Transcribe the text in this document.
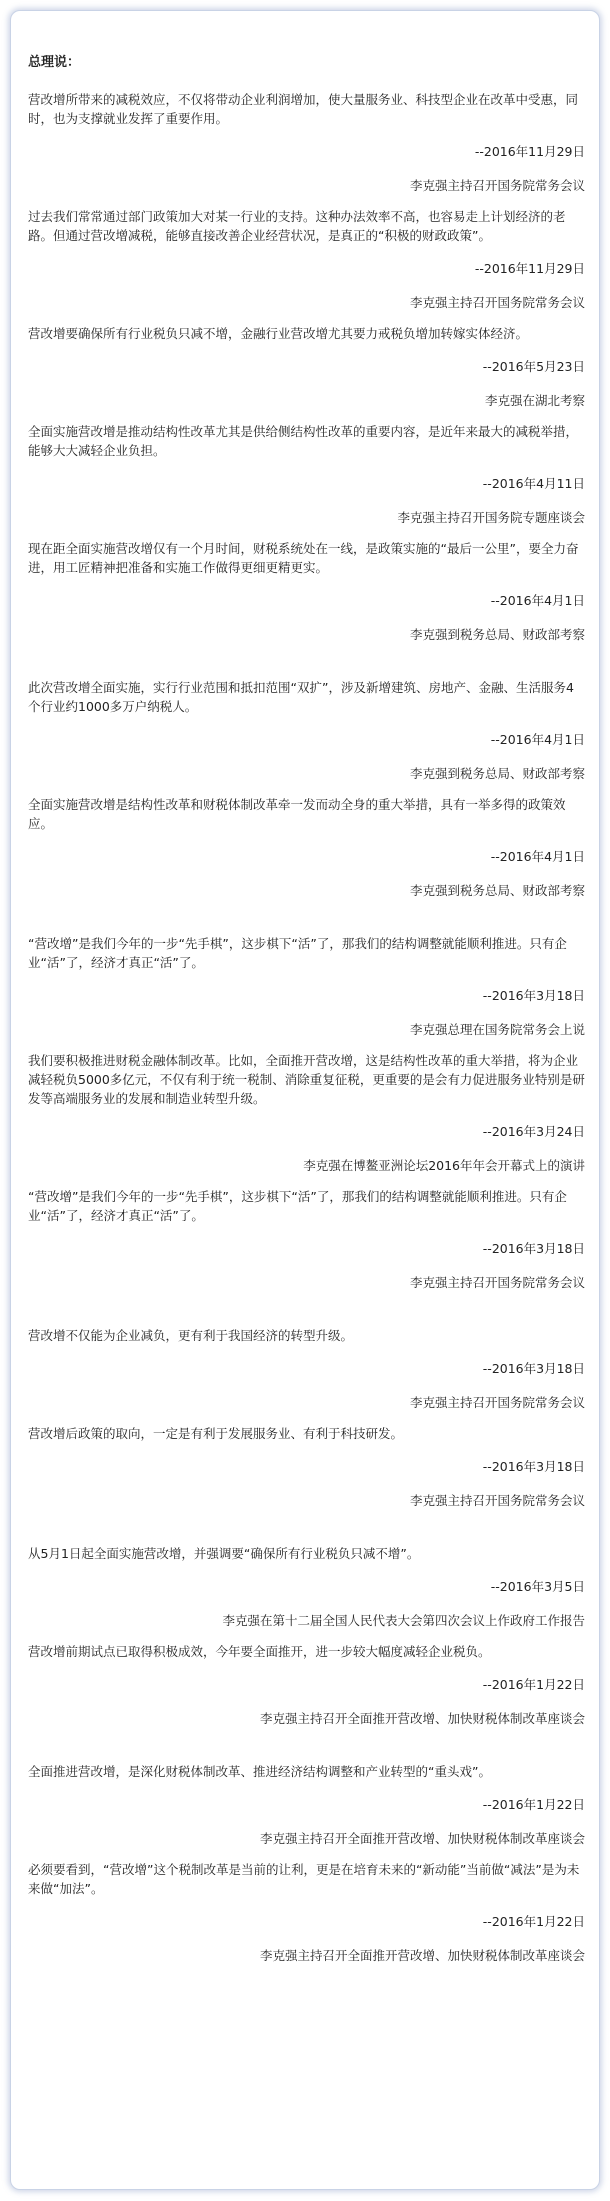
总理说：

营改增所带来的减税效应，不仅将带动企业利润增加，使大量服务业、科技型企业在改革中受惠，同时，也为支撑就业发挥了重要作用。

--2016年11月29日
李克强主持召开国务院常务会议

过去我们常常通过部门政策加大对某一行业的支持。这种办法效率不高，也容易走上计划经济的老路。但通过营改增减税，能够直接改善企业经营状况，是真正的“积极的财政政策”。

--2016年11月29日
李克强主持召开国务院常务会议

营改增要确保所有行业税负只减不增，金融行业营改增尤其要力戒税负增加转嫁实体经济。

--2016年5月23日
李克强在湖北考察

全面实施营改增是推动结构性改革尤其是供给侧结构性改革的重要内容，是近年来最大的减税举措，能够大大减轻企业负担。

--2016年4月11日
李克强主持召开国务院专题座谈会

现在距全面实施营改增仅有一个月时间，财税系统处在一线，是政策实施的“最后一公里”，要全力奋进，用工匠精神把准备和实施工作做得更细更精更实。

--2016年4月1日
李克强到税务总局、财政部考察

此次营改增全面实施，实行行业范围和抵扣范围“双扩”，涉及新增建筑、房地产、金融、生活服务4个行业约1000多万户纳税人。

--2016年4月1日
李克强到税务总局、财政部考察

全面实施营改增是结构性改革和财税体制改革牵一发而动全身的重大举措，具有一举多得的政策效应。

--2016年4月1日
李克强到税务总局、财政部考察

“营改增”是我们今年的一步“先手棋”，这步棋下“活”了，那我们的结构调整就能顺利推进。只有企业“活”了，经济才真正“活”了。

--2016年3月18日
李克强总理在国务院常务会上说

我们要积极推进财税金融体制改革。比如，全面推开营改增，这是结构性改革的重大举措，将为企业减轻税负5000多亿元，不仅有利于统一税制、消除重复征税，更重要的是会有力促进服务业特别是研发等高端服务业的发展和制造业转型升级。

--2016年3月24日
李克强在博鳌亚洲论坛2016年年会开幕式上的演讲

“营改增”是我们今年的一步“先手棋”，这步棋下“活”了，那我们的结构调整就能顺利推进。只有企业“活”了，经济才真正“活”了。

--2016年3月18日
李克强主持召开国务院常务会议

营改增不仅能为企业减负，更有利于我国经济的转型升级。

--2016年3月18日
李克强主持召开国务院常务会议

营改增后政策的取向，一定是有利于发展服务业、有利于科技研发。

--2016年3月18日
李克强主持召开国务院常务会议

从5月1日起全面实施营改增，并强调要“确保所有行业税负只减不增”。

--2016年3月5日
李克强在第十二届全国人民代表大会第四次会议上作政府工作报告

营改增前期试点已取得积极成效，今年要全面推开，进一步较大幅度减轻企业税负。

--2016年1月22日
李克强主持召开全面推开营改增、加快财税体制改革座谈会

全面推进营改增，是深化财税体制改革、推进经济结构调整和产业转型的“重头戏”。

--2016年1月22日
李克强主持召开全面推开营改增、加快财税体制改革座谈会

必须要看到，“营改增”这个税制改革是当前的让利，更是在培育未来的“新动能”当前做“减法”是为未来做“加法”。

--2016年1月22日
李克强主持召开全面推开营改增、加快财税体制改革座谈会
